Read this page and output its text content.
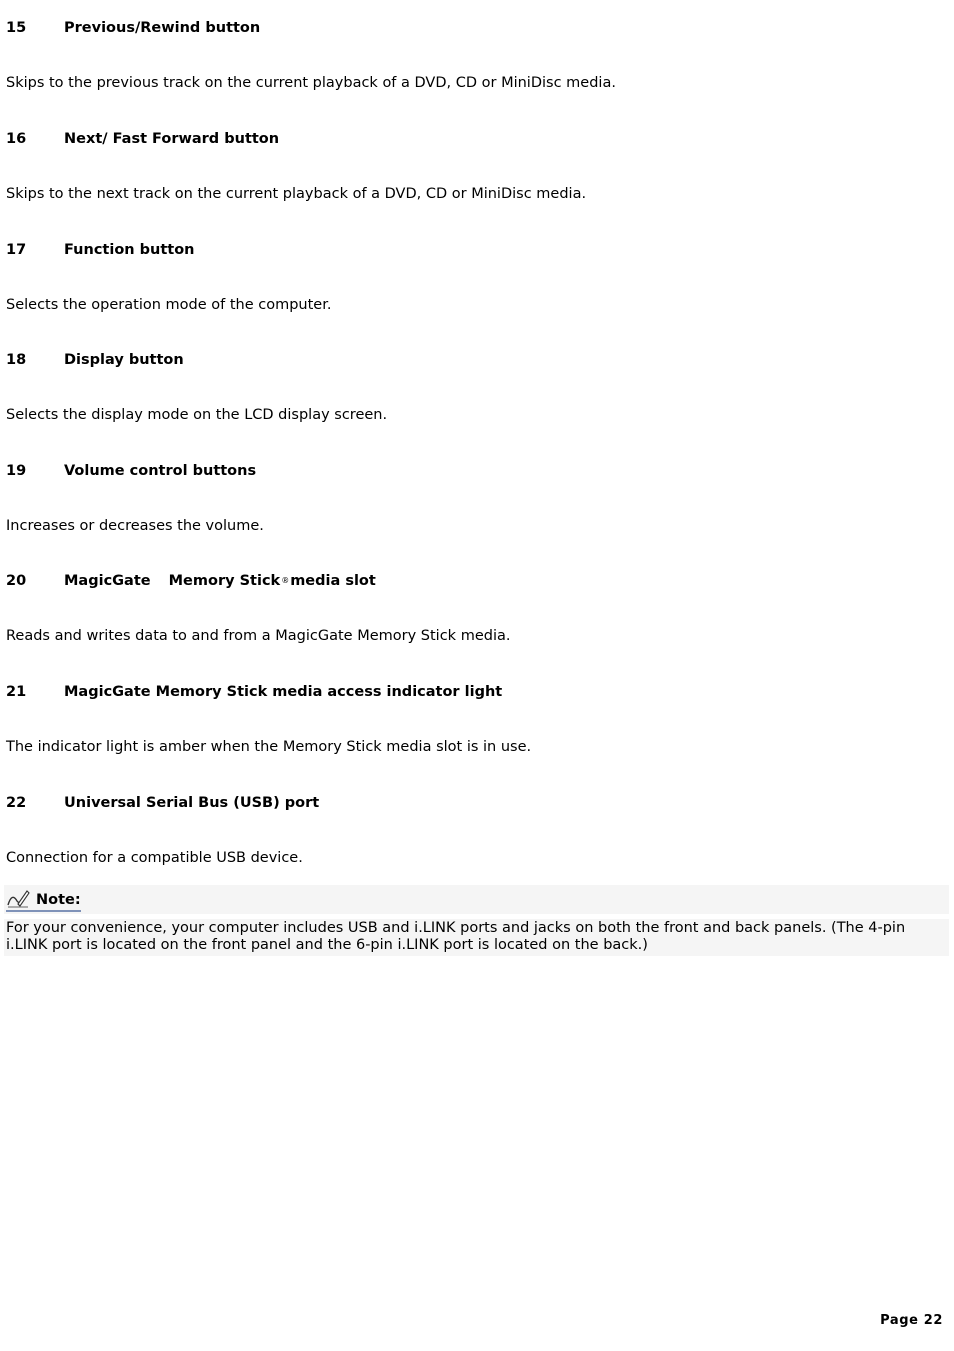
15	Previous/Rewind button
Skips to the previous track on the current playback of a DVD, CD or MiniDisc media.
16	Next/ Fast Forward button
Skips to the next track on the current playback of a DVD, CD or MiniDisc media.
17	Function button
Selects the operation mode of the computer.
18	Display button
Selects the display mode on the LCD display screen.
19	Volume control buttons
Increases or decreases the volume.
20	MagicGate Memory Stick®media slot
Reads and writes data to and from a MagicGate Memory Stick media.
21	MagicGate Memory Stick media access indicator light
The indicator light is amber when the Memory Stick media slot is in use.
22	Universal Serial Bus (USB) port
Connection for a compatible USB device.
Note:
For your convenience, your computer includes USB and i.LINK ports and jacks on both the front and back panels. (The 4-pin i.LINK port is located on the front panel and the 6-pin i.LINK port is located on the back.)
Page 22
